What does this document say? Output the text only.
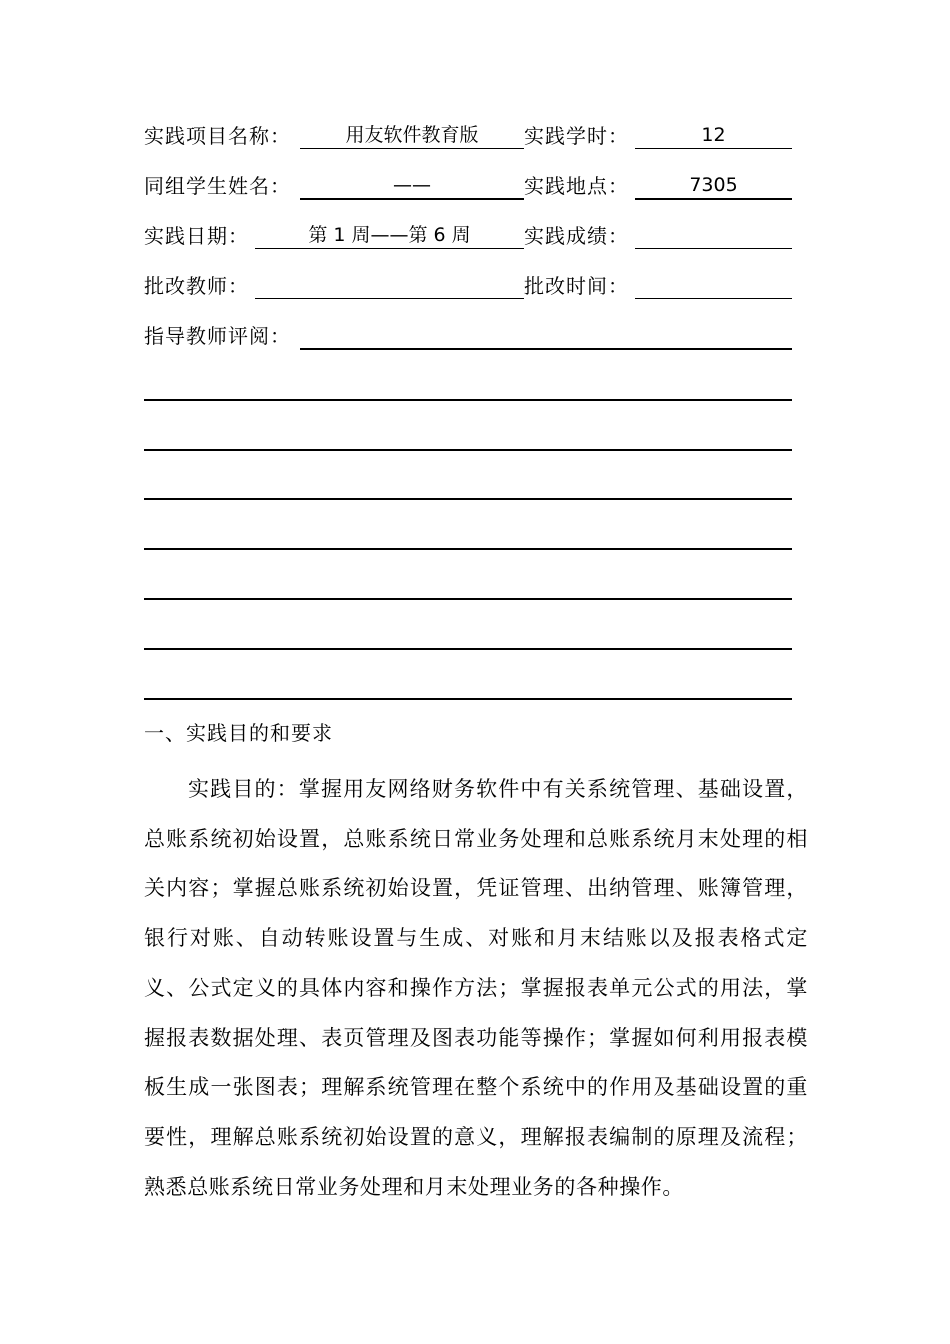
实践项目名称：	用友软件教育版	实践学时：	12
同组学生姓名：	——	实践地点：	7305
实践日期：	第 1 周——第 6 周	实践成绩：
批改教师：	批改时间：
指导教师评阅：
一、实践目的和要求
实践目的：掌握用友网络财务软件中有关系统管理、基础设置，总账系统初始设置，总账系统日常业务处理和总账系统月末处理的相关内容；掌握总账系统初始设置，凭证管理、出纳管理、账簿管理，银行对账、自动转账设置与生成、对账和月末结账以及报表格式定义、公式定义的具体内容和操作方法；掌握报表单元公式的用法，掌握报表数据处理、表页管理及图表功能等操作；掌握如何利用报表模板生成一张图表；理解系统管理在整个系统中的作用及基础设置的重要性，理解总账系统初始设置的意义，理解报表编制的原理及流程；熟悉总账系统日常业务处理和月末处理业务的各种操作。
